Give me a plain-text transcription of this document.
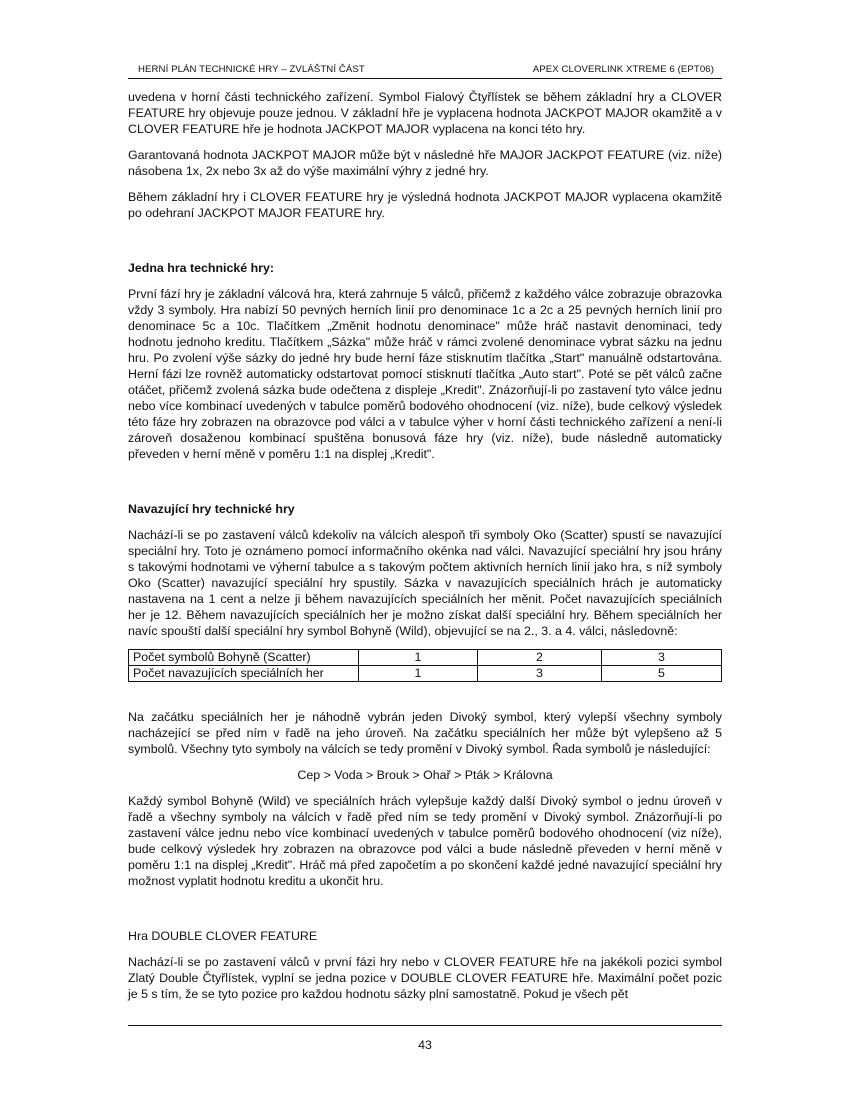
HERNÍ PLÁN TECHNICKÉ HRY – ZVLÁŠTNÍ ČÁST	APEX CLOVERLINK XTREME 6 (EPT06)

uvedena v horní části technického zařízení. Symbol Fialový Čtyřlístek se během základní hry a CLOVER FEATURE hry objevuje pouze jednou. V základní hře je vyplacena hodnota JACKPOT MAJOR okamžitě a v CLOVER FEATURE hře je hodnota JACKPOT MAJOR vyplacena na konci této hry.

Garantovaná hodnota JACKPOT MAJOR může být v následné hře MAJOR JACKPOT FEATURE (viz. níže) násobena 1x, 2x nebo 3x až do výše maximální výhry z jedné hry.

Během základní hry i CLOVER FEATURE hry je výsledná hodnota JACKPOT MAJOR vyplacena okamžitě po odehraní JACKPOT MAJOR FEATURE hry.

Jedna hra technické hry:

První fází hry je základní válcová hra, která zahrnuje 5 válců, přičemž z každého válce zobrazuje obrazovka vždy 3 symboly. Hra nabízí 50 pevných herních linií pro denominace 1c a 2c a 25 pevných herních linií pro denominace 5c a 10c. Tlačítkem „Změnit hodnotu denominace" může hráč nastavit denominaci, tedy hodnotu jednoho kreditu. Tlačítkem „Sázka" může hráč v rámci zvolené denominace vybrat sázku na jednu hru. Po zvolení výše sázky do jedné hry bude herní fáze stisknutím tlačítka „Start" manuálně odstartována. Herní fázi lze rovněž automaticky odstartovat pomocí stisknutí tlačítka „Auto start". Poté se pět válců začne otáčet, přičemž zvolená sázka bude odečtena z displeje „Kredit". Znázorňují-li po zastavení tyto válce jednu nebo více kombinací uvedených v tabulce poměrů bodového ohodnocení (viz. níže), bude celkový výsledek této fáze hry zobrazen na obrazovce pod válci a v tabulce výher v horní části technického zařízení a není-li zároveň dosaženou kombinací spuštěna bonusová fáze hry (viz. níže), bude následně automaticky převeden v herní měně v poměru 1:1 na displej „Kredit".

Navazující hry technické hry

Nachází-li se po zastavení válců kdekoliv na válcích alespoň tři symboly Oko (Scatter) spustí se navazující speciální hry. Toto je oznámeno pomocí informačního okénka nad válci. Navazující speciální hry jsou hrány s takovými hodnotami ve výherní tabulce a s takovým počtem aktivních herních linií jako hra, s níž symboly Oko (Scatter) navazující speciální hry spustily. Sázka v navazujících speciálních hrách je automaticky nastavena na 1 cent a nelze ji během navazujících speciálních her měnit. Počet navazujících speciálních her je 12. Během navazujících speciálních her je možno získat další speciální hry. Během speciálních her navíc spouští další speciální hry symbol Bohyně (Wild), objevující se na 2., 3. a 4. válci, následovně:

Počet symbolů Bohyně (Scatter)	1	2	3
Počet navazujících speciálních her	1	3	5

Na začátku speciálních her je náhodně vybrán jeden Divoký symbol, který vylepší všechny symboly nacházející se před ním v řadě na jeho úroveň. Na začátku speciálních her může být vylepšeno až 5 symbolů. Všechny tyto symboly na válcích se tedy promění v Divoký symbol. Řada symbolů je následující:

Cep > Voda > Brouk > Ohař > Pták > Královna

Každý symbol Bohyně (Wild) ve speciálních hrách vylepšuje každý další Divoký symbol o jednu úroveň v řadě a všechny symboly na válcích v řadě před ním se tedy promění v Divoký symbol. Znázorňují-li po zastavení válce jednu nebo více kombinací uvedených v tabulce poměrů bodového ohodnocení (viz níže), bude celkový výsledek hry zobrazen na obrazovce pod válci a bude následně převeden v herní měně v poměru 1:1 na displej „Kredit". Hráč má před započetím a po skončení každé jedné navazující speciální hry možnost vyplatit hodnotu kreditu a ukončit hru.

Hra DOUBLE CLOVER FEATURE

Nachází-li se po zastavení válců v první fázi hry nebo v CLOVER FEATURE hře na jakékoli pozici symbol Zlatý Double Čtyřlístek, vyplní se jedna pozice v DOUBLE CLOVER FEATURE hře. Maximální počet pozic je 5 s tím, že se tyto pozice pro každou hodnotu sázky plní samostatně. Pokud je všech pět

43
